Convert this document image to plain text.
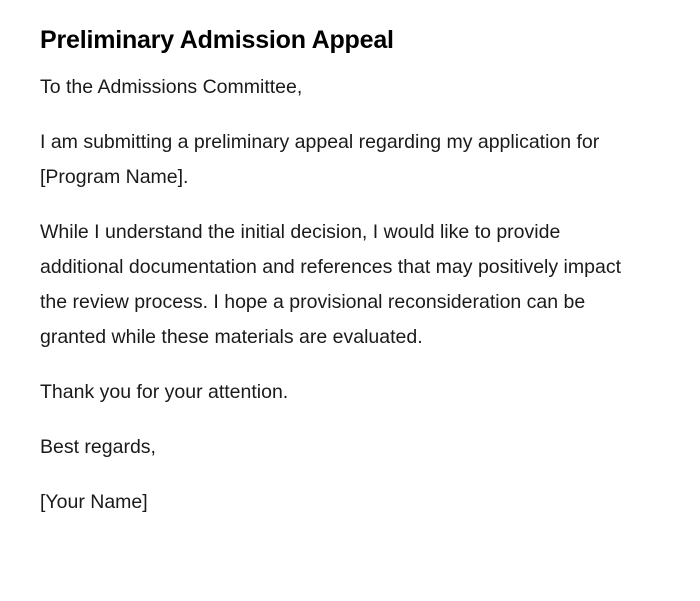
Preliminary Admission Appeal

To the Admissions Committee,

I am submitting a preliminary appeal regarding my application for [Program Name].

While I understand the initial decision, I would like to provide additional documentation and references that may positively impact the review process. I hope a provisional reconsideration can be granted while these materials are evaluated.

Thank you for your attention.

Best regards,

[Your Name]
